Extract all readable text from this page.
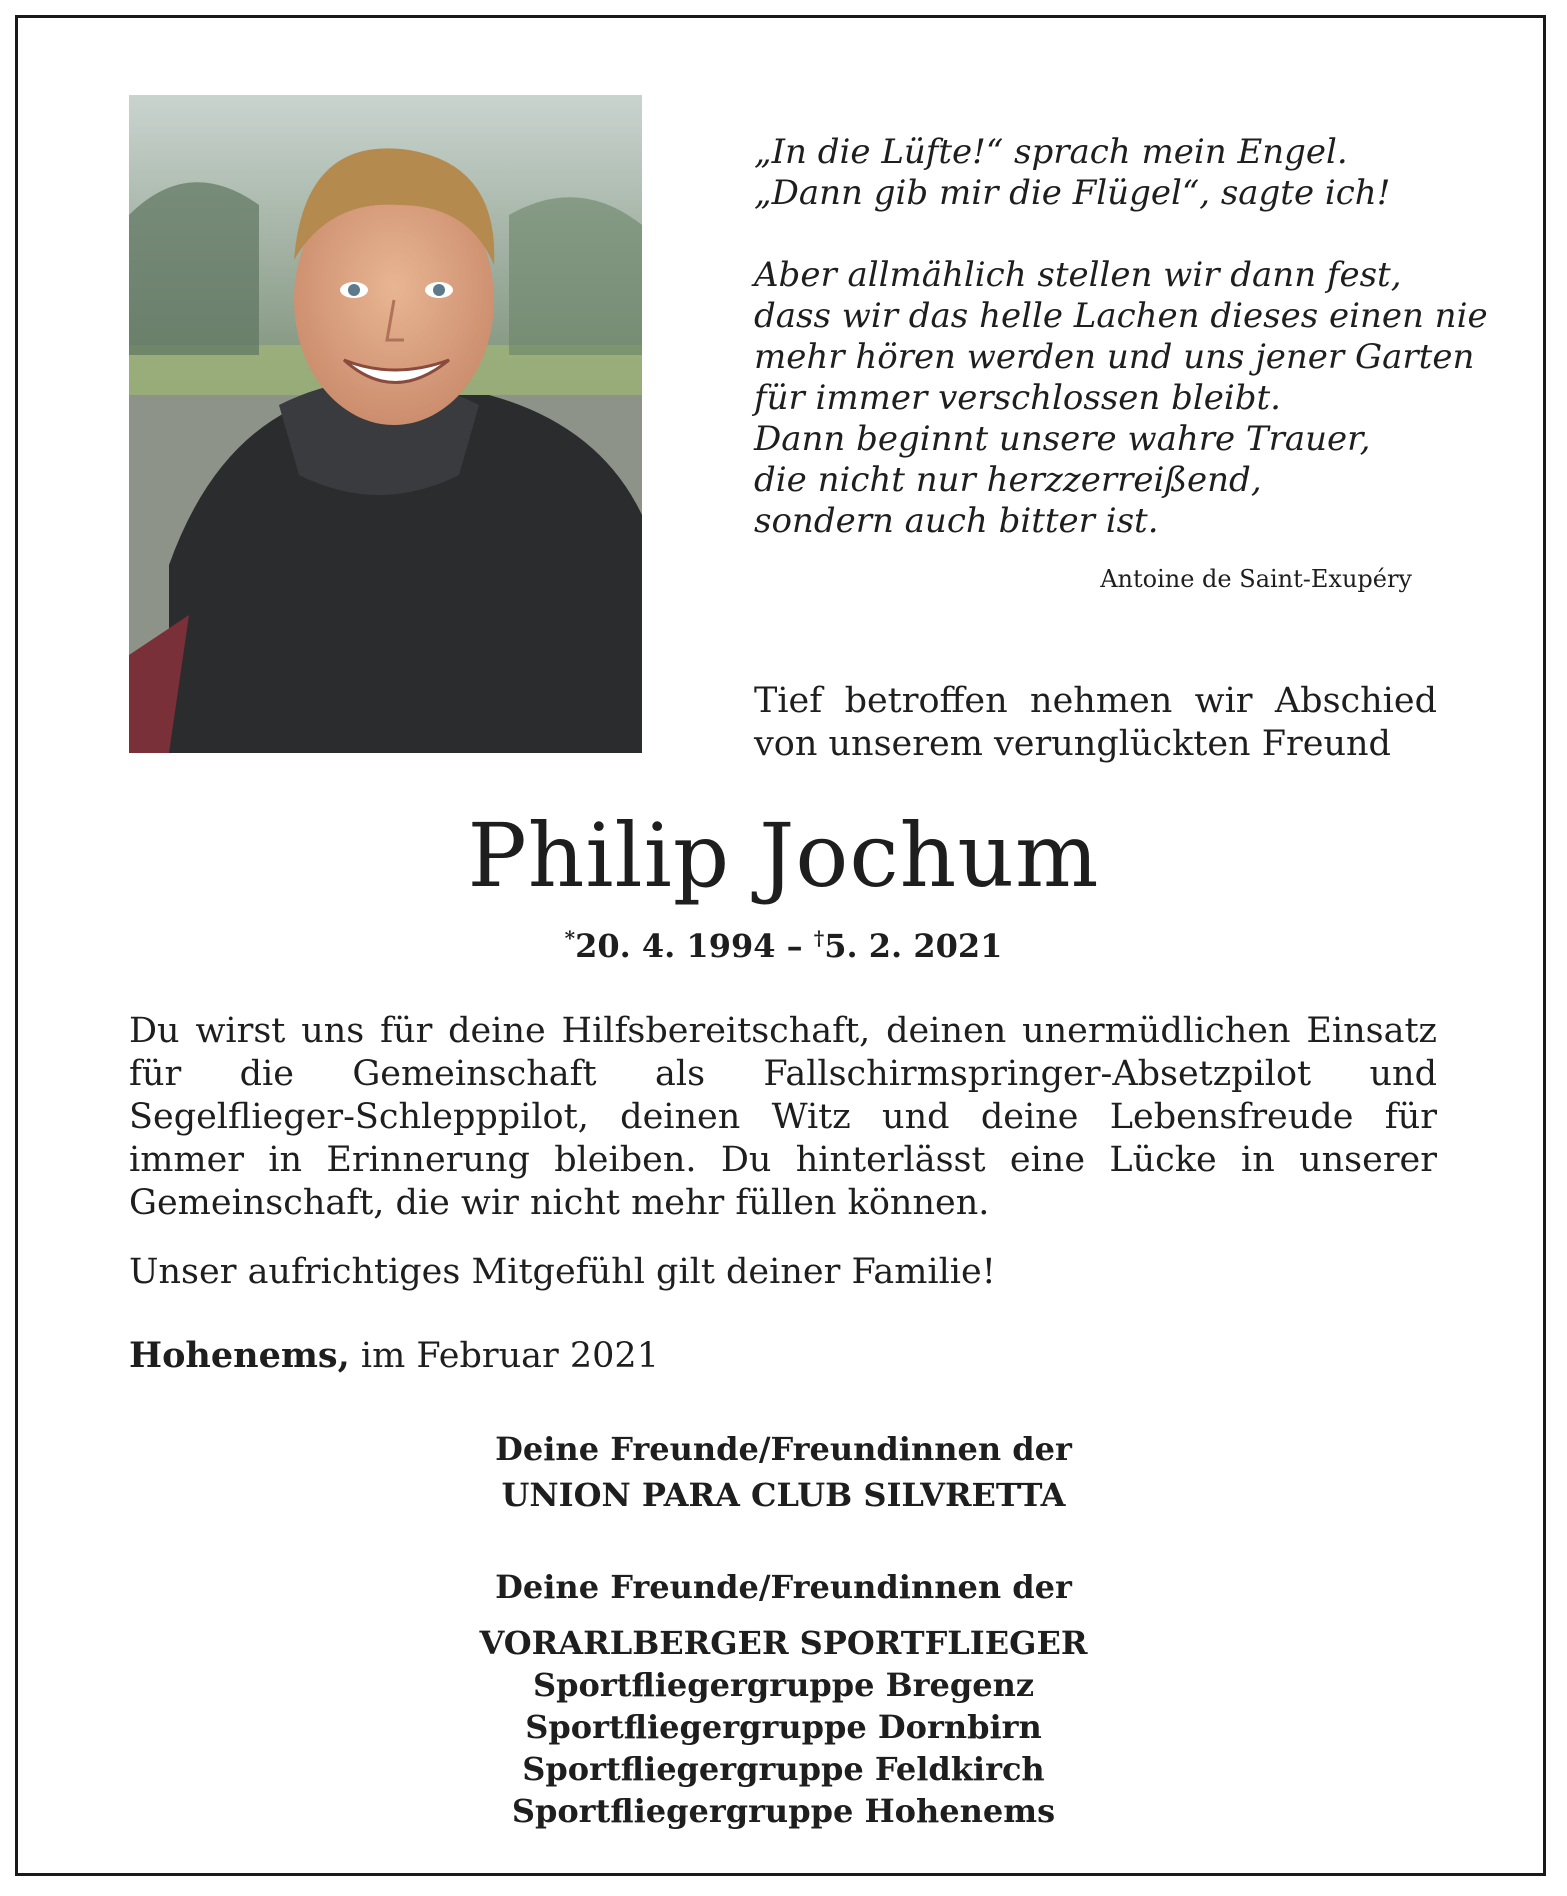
„In die Lüfte!“ sprach mein Engel.

„Dann gib mir die Flügel“, sagte ich!

Aber allmählich stellen wir dann fest,

dass wir das helle Lachen dieses einen nie

mehr hören werden und uns jener Garten

für immer verschlossen bleibt.

Dann beginnt unsere wahre Trauer,

die nicht nur herzzerreißend,

sondern auch bitter ist.

Antoine de Saint-Exupéry
Tief betroffen nehmen wir Abschied
von unserem verunglückten Freund
Philip Jochum
*20. 4. 1994 – †5. 2. 2021

Du wirst uns für deine Hilfsbereitschaft, deinen unermüdlichen Einsatz für die Gemeinschaft als Fallschirmspringer-Absetzpilot und Segelflieger-Schlepppilot, deinen Witz und deine Lebensfreude für immer in Erinnerung bleiben. Du hinterlässt eine Lücke in unserer Gemeinschaft, die wir nicht mehr füllen können.

Unser aufrichtiges Mitgefühl gilt deiner Familie!
Hohenems, im Februar 2021
Deine Freunde/Freundinnen der
UNION PARA CLUB SILVRETTA
Deine Freunde/Freundinnen der
VORARLBERGER SPORTFLIEGER
Sportfliegergruppe Bregenz
Sportfliegergruppe Dornbirn
Sportfliegergruppe Feldkirch
Sportfliegergruppe Hohenems
